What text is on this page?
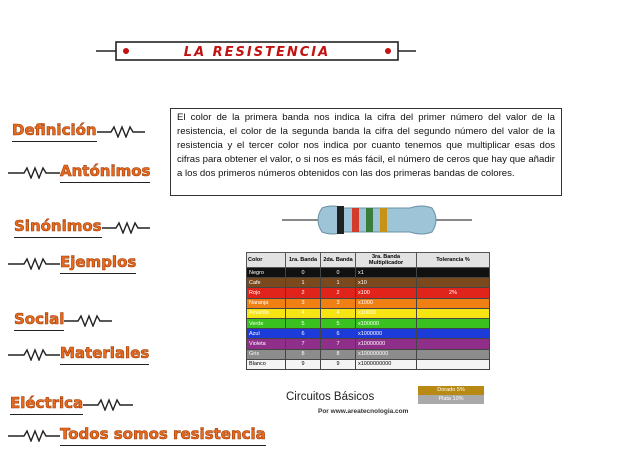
LA RESISTENCIA
Definición
Antónimos
Sinónimos
Ejemplos
Social
Materiales
Eléctrica
Todos somos resistencia
El color de la primera banda nos indica la cifra del primer número del valor de la resistencia, el color de la segunda banda la cifra del segundo número del valor de la resistencia y el tercer color nos indica por cuanto tenemos que multiplicar esas dos cifras para obtener el valor, o si nos es más fácil, el número de ceros que hay que añadir a los dos primeros números obtenidos con las dos primeras bandas de colores.
Color	1ra. Banda	2da. Banda	3ra. Banda Multiplicador	Tolerancia %
Negro	0	0	x1	
Cafe	1	1	x10	
Rojo	2	2	x100	2%
Naranja	3	3	x1000	
Amarillo	4	4	x10000	
Verde	5	5	x100000	
Azul	6	6	x1000000	
Violeta	7	7	x10000000	
Gris	8	8	x100000000	
Blanco	9	9	x1000000000	
Dorado 5%
Plata 10%
Circuitos Básicos
Por www.areatecnologia.com
